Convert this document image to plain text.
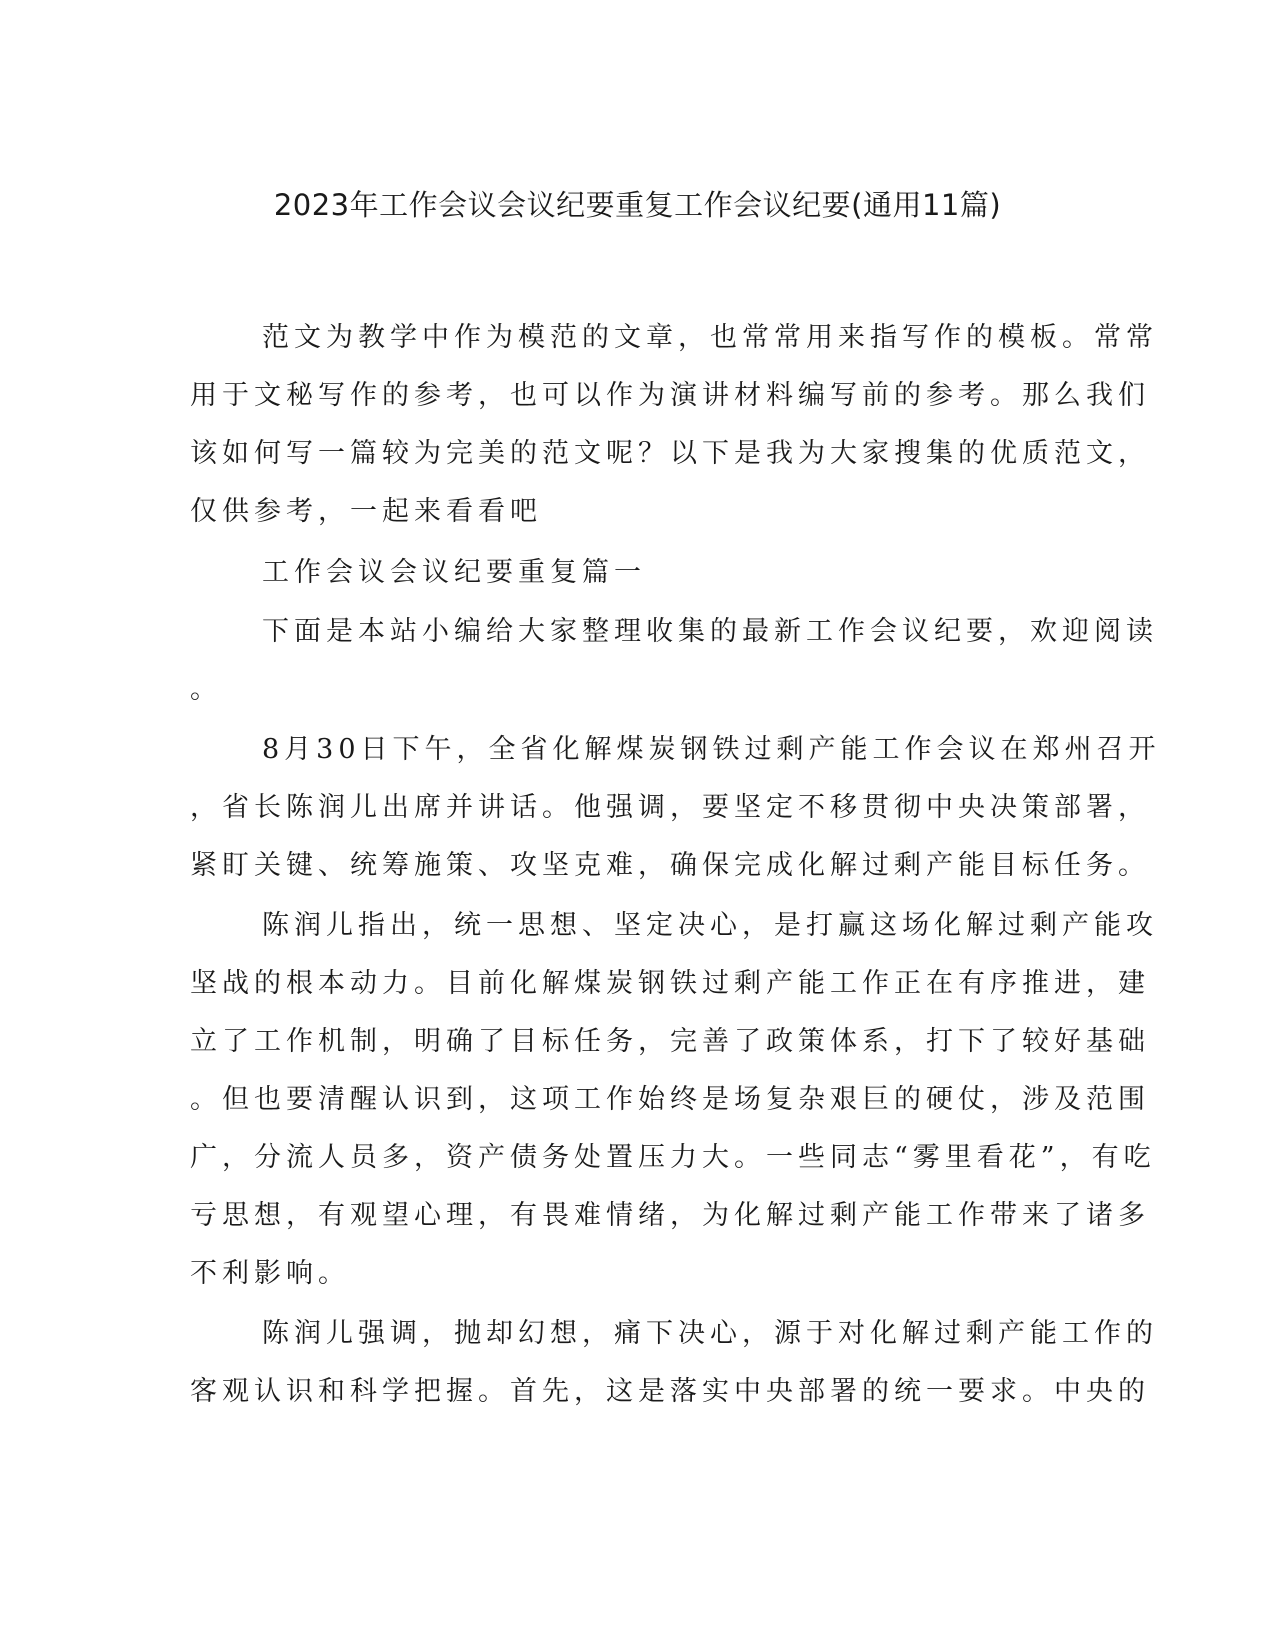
2023年工作会议会议纪要重复工作会议纪要(通用11篇)
范文为教学中作为模范的文章，也常常用来指写作的模板。常常
用于文秘写作的参考，也可以作为演讲材料编写前的参考。那么我们
该如何写一篇较为完美的范文呢？以下是我为大家搜集的优质范文，
仅供参考，一起来看看吧
工作会议会议纪要重复篇一
下面是本站小编给大家整理收集的最新工作会议纪要，欢迎阅读
。
8月30日下午，全省化解煤炭钢铁过剩产能工作会议在郑州召开
，省长陈润儿出席并讲话。他强调，要坚定不移贯彻中央决策部署，
紧盯关键、统筹施策、攻坚克难，确保完成化解过剩产能目标任务。
陈润儿指出，统一思想、坚定决心，是打赢这场化解过剩产能攻
坚战的根本动力。目前化解煤炭钢铁过剩产能工作正在有序推进，建
立了工作机制，明确了目标任务，完善了政策体系，打下了较好基础
。但也要清醒认识到，这项工作始终是场复杂艰巨的硬仗，涉及范围
广，分流人员多，资产债务处置压力大。一些同志“雾里看花”，有吃
亏思想，有观望心理，有畏难情绪，为化解过剩产能工作带来了诸多
不利影响。
陈润儿强调，抛却幻想，痛下决心，源于对化解过剩产能工作的
客观认识和科学把握。首先，这是落实中央部署的统一要求。中央的
